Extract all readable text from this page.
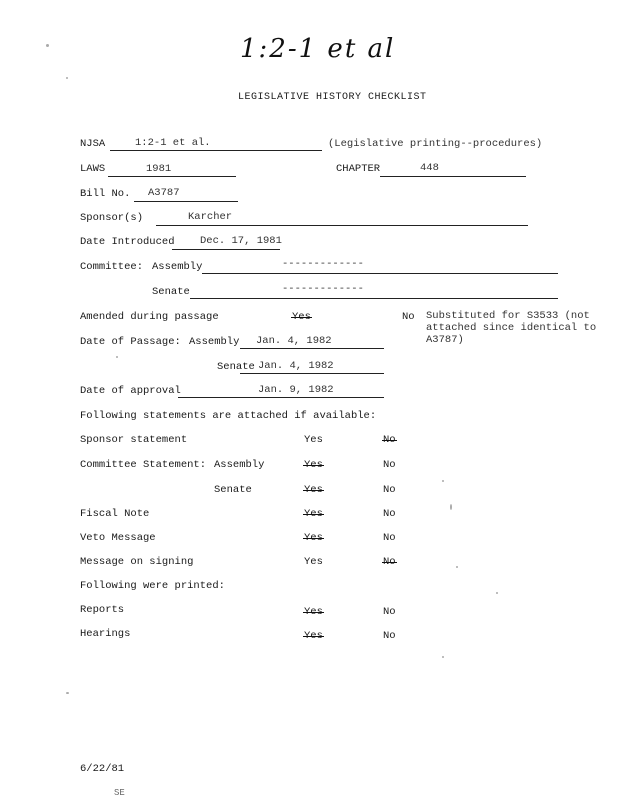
1:2-1 et al
LEGISLATIVE HISTORY CHECKLIST
NJSA	1:2-1 et al.	(Legislative printing--procedures)
LAWS	1981	CHAPTER	448
Bill No. A3787
Sponsor(s)	Karcher
Date Introduced Dec. 17, 1981
Committee: Assembly	-------------
Senate	-------------
Amended during passage	Yes	No Substituted for S3533 (not
attached since identical to
A3787)
Date of Passage: Assembly Jan. 4, 1982
Senate Jan. 4, 1982
Date of approval	Jan. 9, 1982
Following statements are attached if available:
Sponsor statement	Yes	No
Committee Statement: Assembly	Yes	No
Senate	Yes	No
Fiscal Note	Yes	No
Veto Message	Yes	No
Message on signing	Yes	No
Following were printed:
Reports	Yes	No
Hearings	Yes	No
6/22/81
SE
